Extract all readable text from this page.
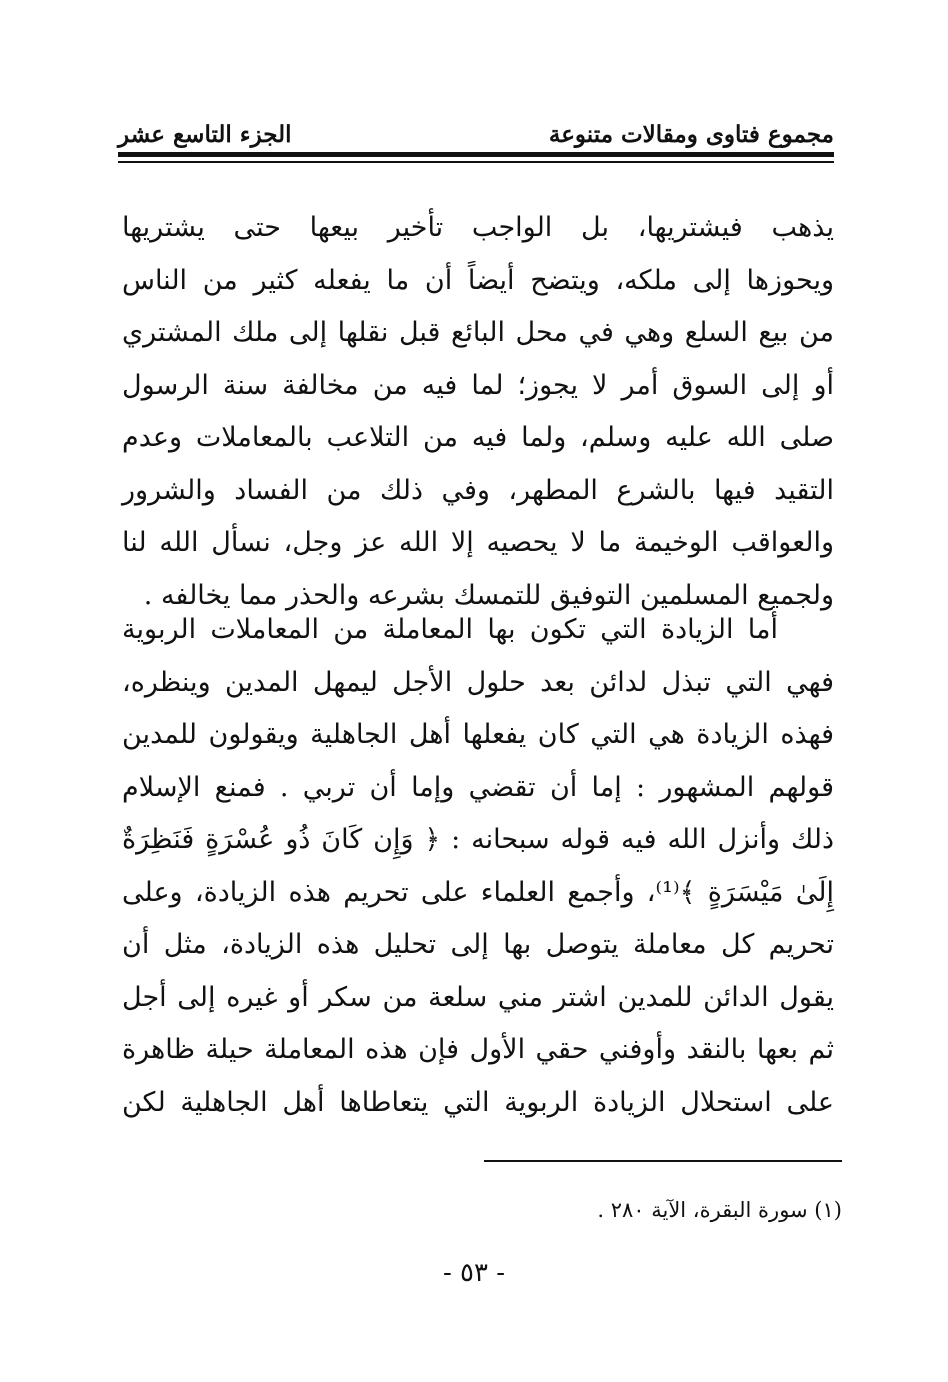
مجموع فتاوى ومقالات متنوعة
الجزء التاسع عشر
يذهب فيشتريها، بل الواجب تأخير بيعها حتى يشتريها
ويحوزها إلى ملكه، ويتضح أيضاً أن ما يفعله كثير من الناس
من بيع السلع وهي في محل البائع قبل نقلها إلى ملك المشتري
أو إلى السوق أمر لا يجوز؛ لما فيه من مخالفة سنة الرسول
صلى الله عليه وسلم، ولما فيه من التلاعب بالمعاملات وعدم
التقيد فيها بالشرع المطهر، وفي ذلك من الفساد والشرور
والعواقب الوخيمة ما لا يحصيه إلا الله عز وجل، نسأل الله لنا
ولجميع المسلمين التوفيق للتمسك بشرعه والحذر مما يخالفه .
أما الزيادة التي تكون بها المعاملة من المعاملات الربوية
فهي التي تبذل لدائن بعد حلول الأجل ليمهل المدين وينظره،
فهذه الزيادة هي التي كان يفعلها أهل الجاهلية ويقولون للمدين
قولهم المشهور : إما أن تقضي وإما أن تربي . فمنع الإسلام
ذلك وأنزل الله فيه قوله سبحانه : ﴿ وَإِن كَانَ ذُو عُسْرَةٍ فَنَظِرَةٌ
إِلَىٰ مَيْسَرَةٍ ﴾⁽¹⁾، وأجمع العلماء على تحريم هذه الزيادة، وعلى
تحريم كل معاملة يتوصل بها إلى تحليل هذه الزيادة، مثل أن
يقول الدائن للمدين اشتر مني سلعة من سكر أو غيره إلى أجل
ثم بعها بالنقد وأوفني حقي الأول فإن هذه المعاملة حيلة ظاهرة
على استحلال الزيادة الربوية التي يتعاطاها أهل الجاهلية لكن
(١) سورة البقرة، الآية ٢٨٠ .
- ٥٣ -
